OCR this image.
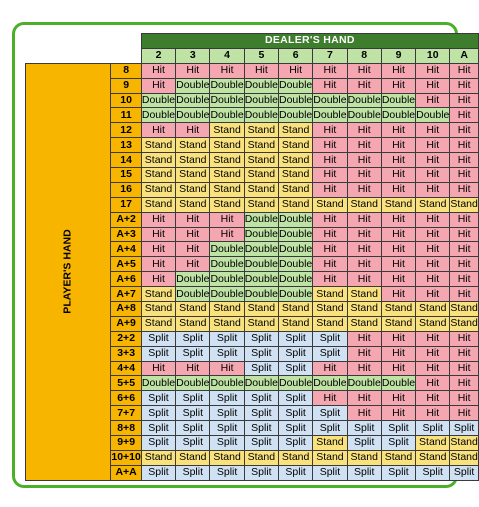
		DEALER'S HAND									
		2	3	4	5	6	7	8	9	10	A

PLAYER'S HAND	8	Hit	Hit	Hit	Hit	Hit	Hit	Hit	Hit	Hit	Hit
	9	Hit	Double	Double	Double	Double	Hit	Hit	Hit	Hit	Hit
	10	Double	Double	Double	Double	Double	Double	Double	Double	Hit	Hit
	11	Double	Double	Double	Double	Double	Double	Double	Double	Double	Hit
	12	Hit	Hit	Stand	Stand	Stand	Hit	Hit	Hit	Hit	Hit
	13	Stand	Stand	Stand	Stand	Stand	Hit	Hit	Hit	Hit	Hit
	14	Stand	Stand	Stand	Stand	Stand	Hit	Hit	Hit	Hit	Hit
	15	Stand	Stand	Stand	Stand	Stand	Hit	Hit	Hit	Hit	Hit
	16	Stand	Stand	Stand	Stand	Stand	Hit	Hit	Hit	Hit	Hit
	17	Stand	Stand	Stand	Stand	Stand	Stand	Stand	Stand	Stand	Stand
	A+2	Hit	Hit	Hit	Double	Double	Hit	Hit	Hit	Hit	Hit
	A+3	Hit	Hit	Hit	Double	Double	Hit	Hit	Hit	Hit	Hit
	A+4	Hit	Hit	Double	Double	Double	Hit	Hit	Hit	Hit	Hit
	A+5	Hit	Hit	Double	Double	Double	Hit	Hit	Hit	Hit	Hit
	A+6	Hit	Double	Double	Double	Double	Hit	Hit	Hit	Hit	Hit
	A+7	Stand	Double	Double	Double	Double	Stand	Stand	Hit	Hit	Hit
	A+8	Stand	Stand	Stand	Stand	Stand	Stand	Stand	Stand	Stand	Stand
	A+9	Stand	Stand	Stand	Stand	Stand	Stand	Stand	Stand	Stand	Stand
	2+2	Split	Split	Split	Split	Split	Split	Hit	Hit	Hit	Hit
	3+3	Split	Split	Split	Split	Split	Split	Hit	Hit	Hit	Hit
	4+4	Hit	Hit	Hit	Split	Split	Hit	Hit	Hit	Hit	Hit
	5+5	Double	Double	Double	Double	Double	Double	Double	Double	Hit	Hit
	6+6	Split	Split	Split	Split	Split	Hit	Hit	Hit	Hit	Hit
	7+7	Split	Split	Split	Split	Split	Split	Hit	Hit	Hit	Hit
	8+8	Split	Split	Split	Split	Split	Split	Split	Split	Split	Split
	9+9	Split	Split	Split	Split	Split	Stand	Split	Split	Stand	Stand
	10+10	Stand	Stand	Stand	Stand	Stand	Stand	Stand	Stand	Stand	Stand
	A+A	Split	Split	Split	Split	Split	Split	Split	Split	Split	Split
